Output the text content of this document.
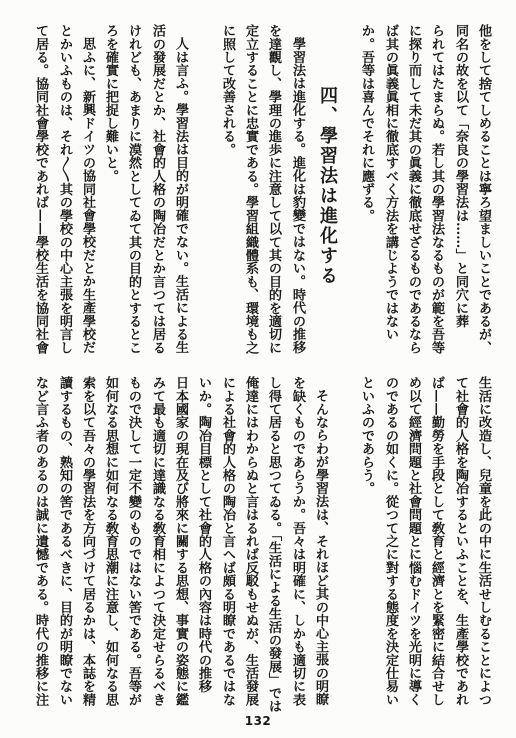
他をして捨てしめることは寧ろ望ましいことであるが、
同名の故を以て「奈良の學習法は……」と同穴に葬
られてはたまらぬ。若し其の學習法なるものが範を吾等
に探り而して未だ其の眞義に徹底せざるものであるなら
ば其の眞義眞相に徹底すべく方法を講じようではない
か。吾等は喜んでそれに應ずる。
四、學習法は進化する
學習法は進化する。進化は豹變ではない。時代の推移
を達觀し、學理の進歩に注意して以て其の目的を適切に
定立することに忠實である。學習組織體系も、環境も之
に照して改善される。
人は言ふ。學習法は目的が明確でない。生活による生
活の發展だとか、社會的人格の陶冶だとか言つては居る
けれども、あまりに漠然としてゐて其の目的とするとこ
ろを確實に把捉し難いと。
思ふに、新興ドイツの協同社會學校だとか生產學校だ
とかいふものは、それ〳〵其の學校の中心主張を明言し
て居る。協同社會學校であれば——學校生活を協同社會
生活に改造し、兒童を此の中に生活せしむることによつ
て社會的人格を陶冶するといふことを、生產學校であれ
ば——勤勞を手段として敎育と經濟とを緊密に結合せし
め以て經濟問題と社會問題とに惱むドイツを光明に導く
のであるの如くに。從つて之に對する態度を決定仕易い
といふのであらう。
そんならわが學習法は、それほど其の中心主張の明瞭
を缺くものであらうか。吾々は明確に、しかも適切に表
し得て居ると思つてゐる。「生活による生活の發展」では
俺達にはわからぬと言はるれば反駁もせぬが、生活發展
による社會的人格の陶冶と言へば頗る明瞭であるではな
いか。陶冶目標として社會的人格の內容は時代の推移
日本國家の現在及び將來に關する思想、事實の姿態に鑑
みて最も適切に達識なる敎育相によつて決定せらるべき
もので決して一定不變のものではない筈である。吾等が
如何なる思想に如何なる敎育思潮に注意し、如何なる思
索を以て吾々の學習法を方向づけて居るかは、本誌を精
讀するもの、熟知の筈であるべきに、目的が明瞭でない
など言ふ者のあるのは誠に遺憾である。時代の推移に注
132
